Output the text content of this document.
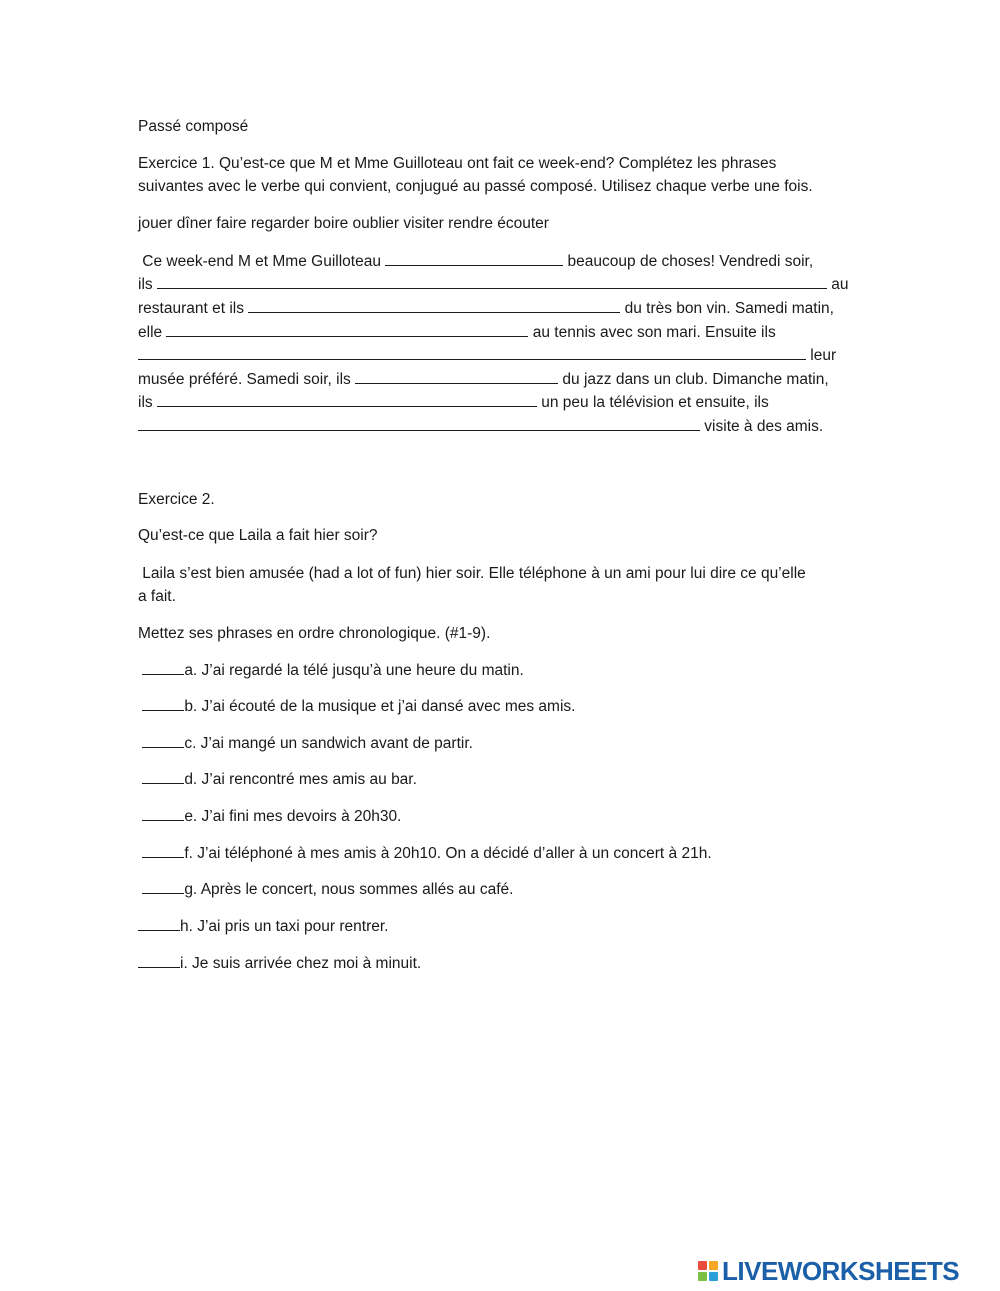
Passé composé
Exercice 1. Qu’est-ce que M et Mme Guilloteau ont fait ce week-end? Complétez les phrases
suivantes avec le verbe qui convient, conjugué au passé composé. Utilisez chaque verbe une fois.
jouer dîner faire regarder boire oublier visiter rendre écouter
Ce week-end M et Mme Guilloteau	beaucoup de choses! Vendredi soir,
ils	au
restaurant et ils	du très bon vin. Samedi matin,
elle	au tennis avec son mari. Ensuite ils
leur
musée préféré. Samedi soir, ils	du jazz dans un club. Dimanche matin,
ils	un peu la télévision et ensuite, ils
visite à des amis.
Exercice 2.
Qu’est-ce que Laila a fait hier soir?
Laila s’est bien amusée (had a lot of fun) hier soir. Elle téléphone à un ami pour lui dire ce qu’elle
a fait.
Mettez ses phrases en ordre chronologique. (#1-9).
a. J’ai regardé la télé jusqu’à une heure du matin.
b. J’ai écouté de la musique et j’ai dansé avec mes amis.
c. J’ai mangé un sandwich avant de partir.
d. J’ai rencontré mes amis au bar.
e. J’ai fini mes devoirs à 20h30.
f. J’ai téléphoné à mes amis à 20h10. On a décidé d’aller à un concert à 21h.
g. Après le concert, nous sommes allés au café.
h. J’ai pris un taxi pour rentrer.
i. Je suis arrivée chez moi à minuit.
LIVEWORKSHEETS
